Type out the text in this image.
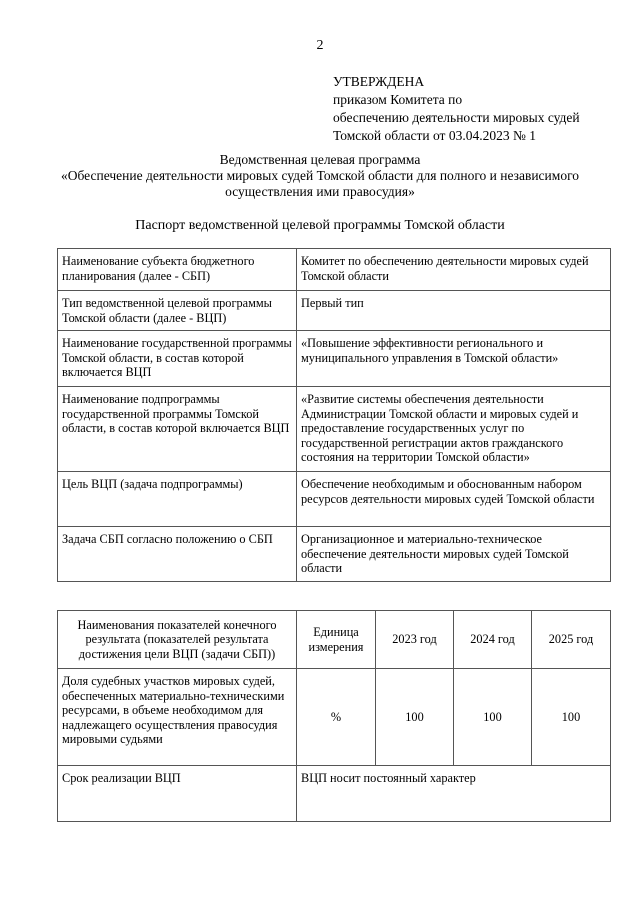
2
УТВЕРЖДЕНА
приказом Комитета по
обеспечению деятельности мировых судей
Томской области от 03.04.2023 № 1
Ведомственная целевая программа
«Обеспечение деятельности мировых судей Томской области для полного и независимого осуществления ими правосудия»
Паспорт ведомственной целевой программы Томской области
Наименование субъекта бюджетного планирования (далее - СБП)	Комитет по обеспечению деятельности мировых судей Томской области
Тип ведомственной целевой программы Томской области (далее - ВЦП)	Первый тип
Наименование государственной программы Томской области, в состав которой включается ВЦП	«Повышение эффективности регионального и муниципального управления в Томской области»
Наименование подпрограммы государственной программы Томской области, в состав которой включается ВЦП	«Развитие системы обеспечения деятельности Администрации Томской области и мировых судей и предоставление государственных услуг по государственной регистрации актов гражданского состояния на территории Томской области»
Цель ВЦП (задача подпрограммы)	Обеспечение необходимым и обоснованным набором ресурсов деятельности мировых судей Томской области
Задача СБП согласно положению о СБП	Организационное и материально-техническое обеспечение деятельности мировых судей Томской области
Наименования показателей конечного результата (показателей результата достижения цели ВЦП (задачи СБП))	Единица измерения	2023 год	2024 год	2025 год
Доля судебных участков мировых судей, обеспеченных материально-техническими ресурсами, в объеме необходимом для надлежащего осуществления правосудия мировыми судьями	%	100	100	100
Срок реализации ВЦП	ВЦП носит постоянный характер			
